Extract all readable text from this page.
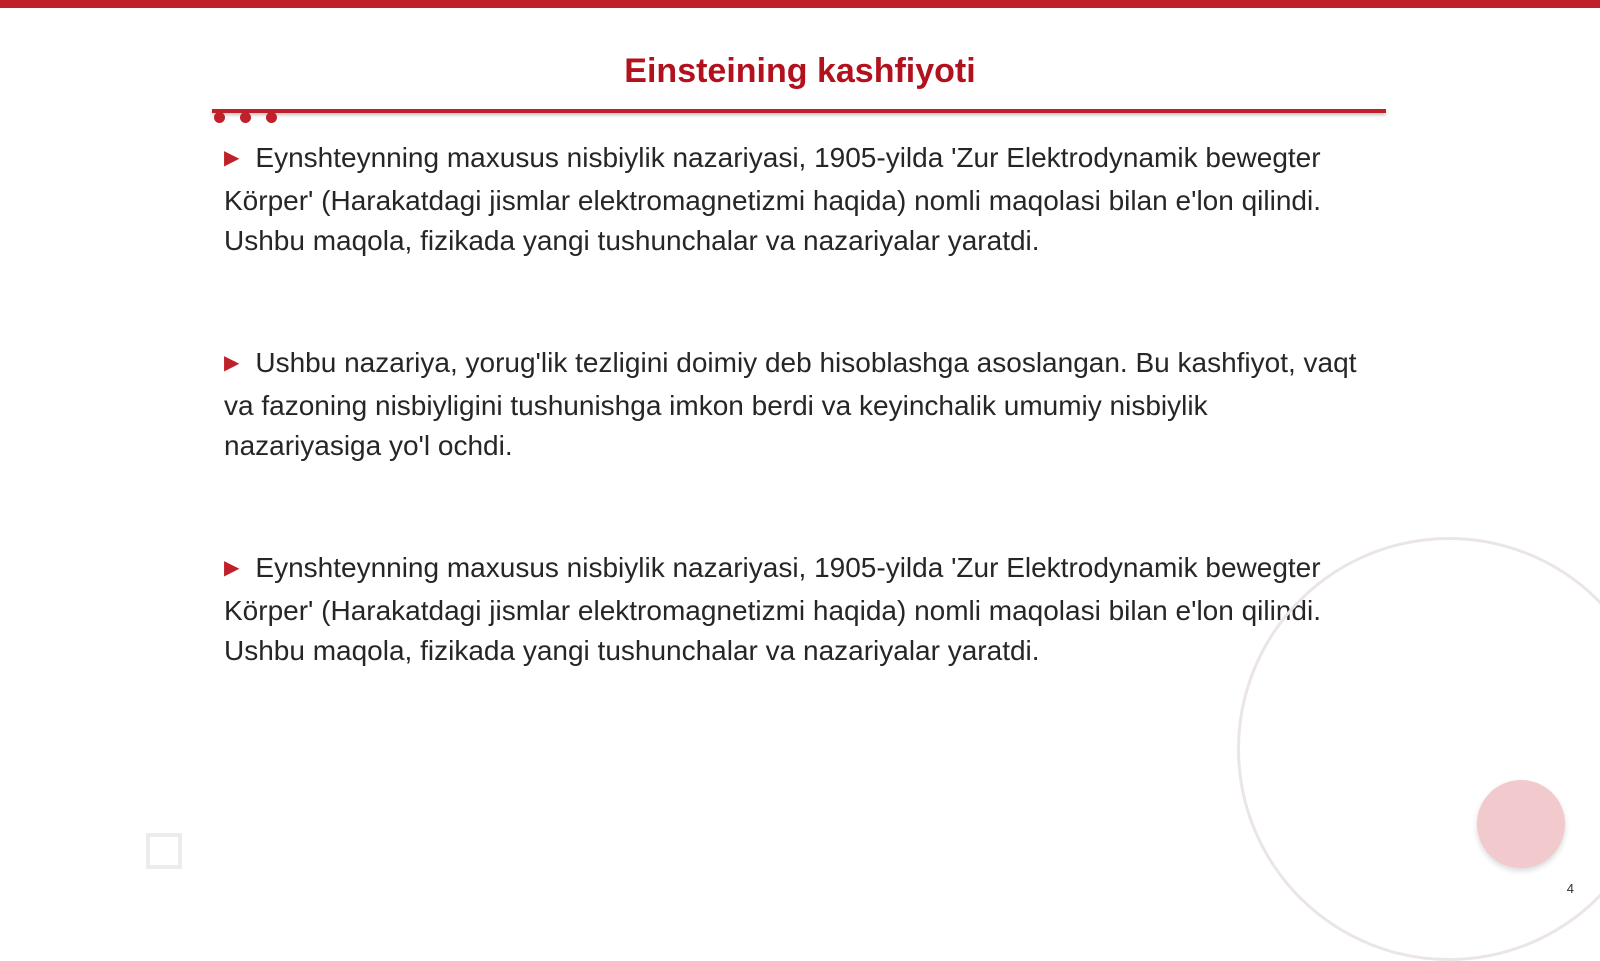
Einsteining kashfiyoti
▶ Eynshteynning maxusus nisbiylik nazariyasi, 1905-yilda 'Zur Elektrodynamik bewegter Körper' (Harakatdagi jismlar elektromagnetizmi haqida) nomli maqolasi bilan e'lon qilindi. Ushbu maqola, fizikada yangi tushunchalar va nazariyalar yaratdi.
▶ Ushbu nazariya, yorug'lik tezligini doimiy deb hisoblashga asoslangan. Bu kashfiyot, vaqt va fazoning nisbiyligini tushunishga imkon berdi va keyinchalik umumiy nisbiylik nazariyasiga yo'l ochdi.
▶ Eynshteynning maxusus nisbiylik nazariyasi, 1905-yilda 'Zur Elektrodynamik bewegter Körper' (Harakatdagi jismlar elektromagnetizmi haqida) nomli maqolasi bilan e'lon qilindi. Ushbu maqola, fizikada yangi tushunchalar va nazariyalar yaratdi.
4
